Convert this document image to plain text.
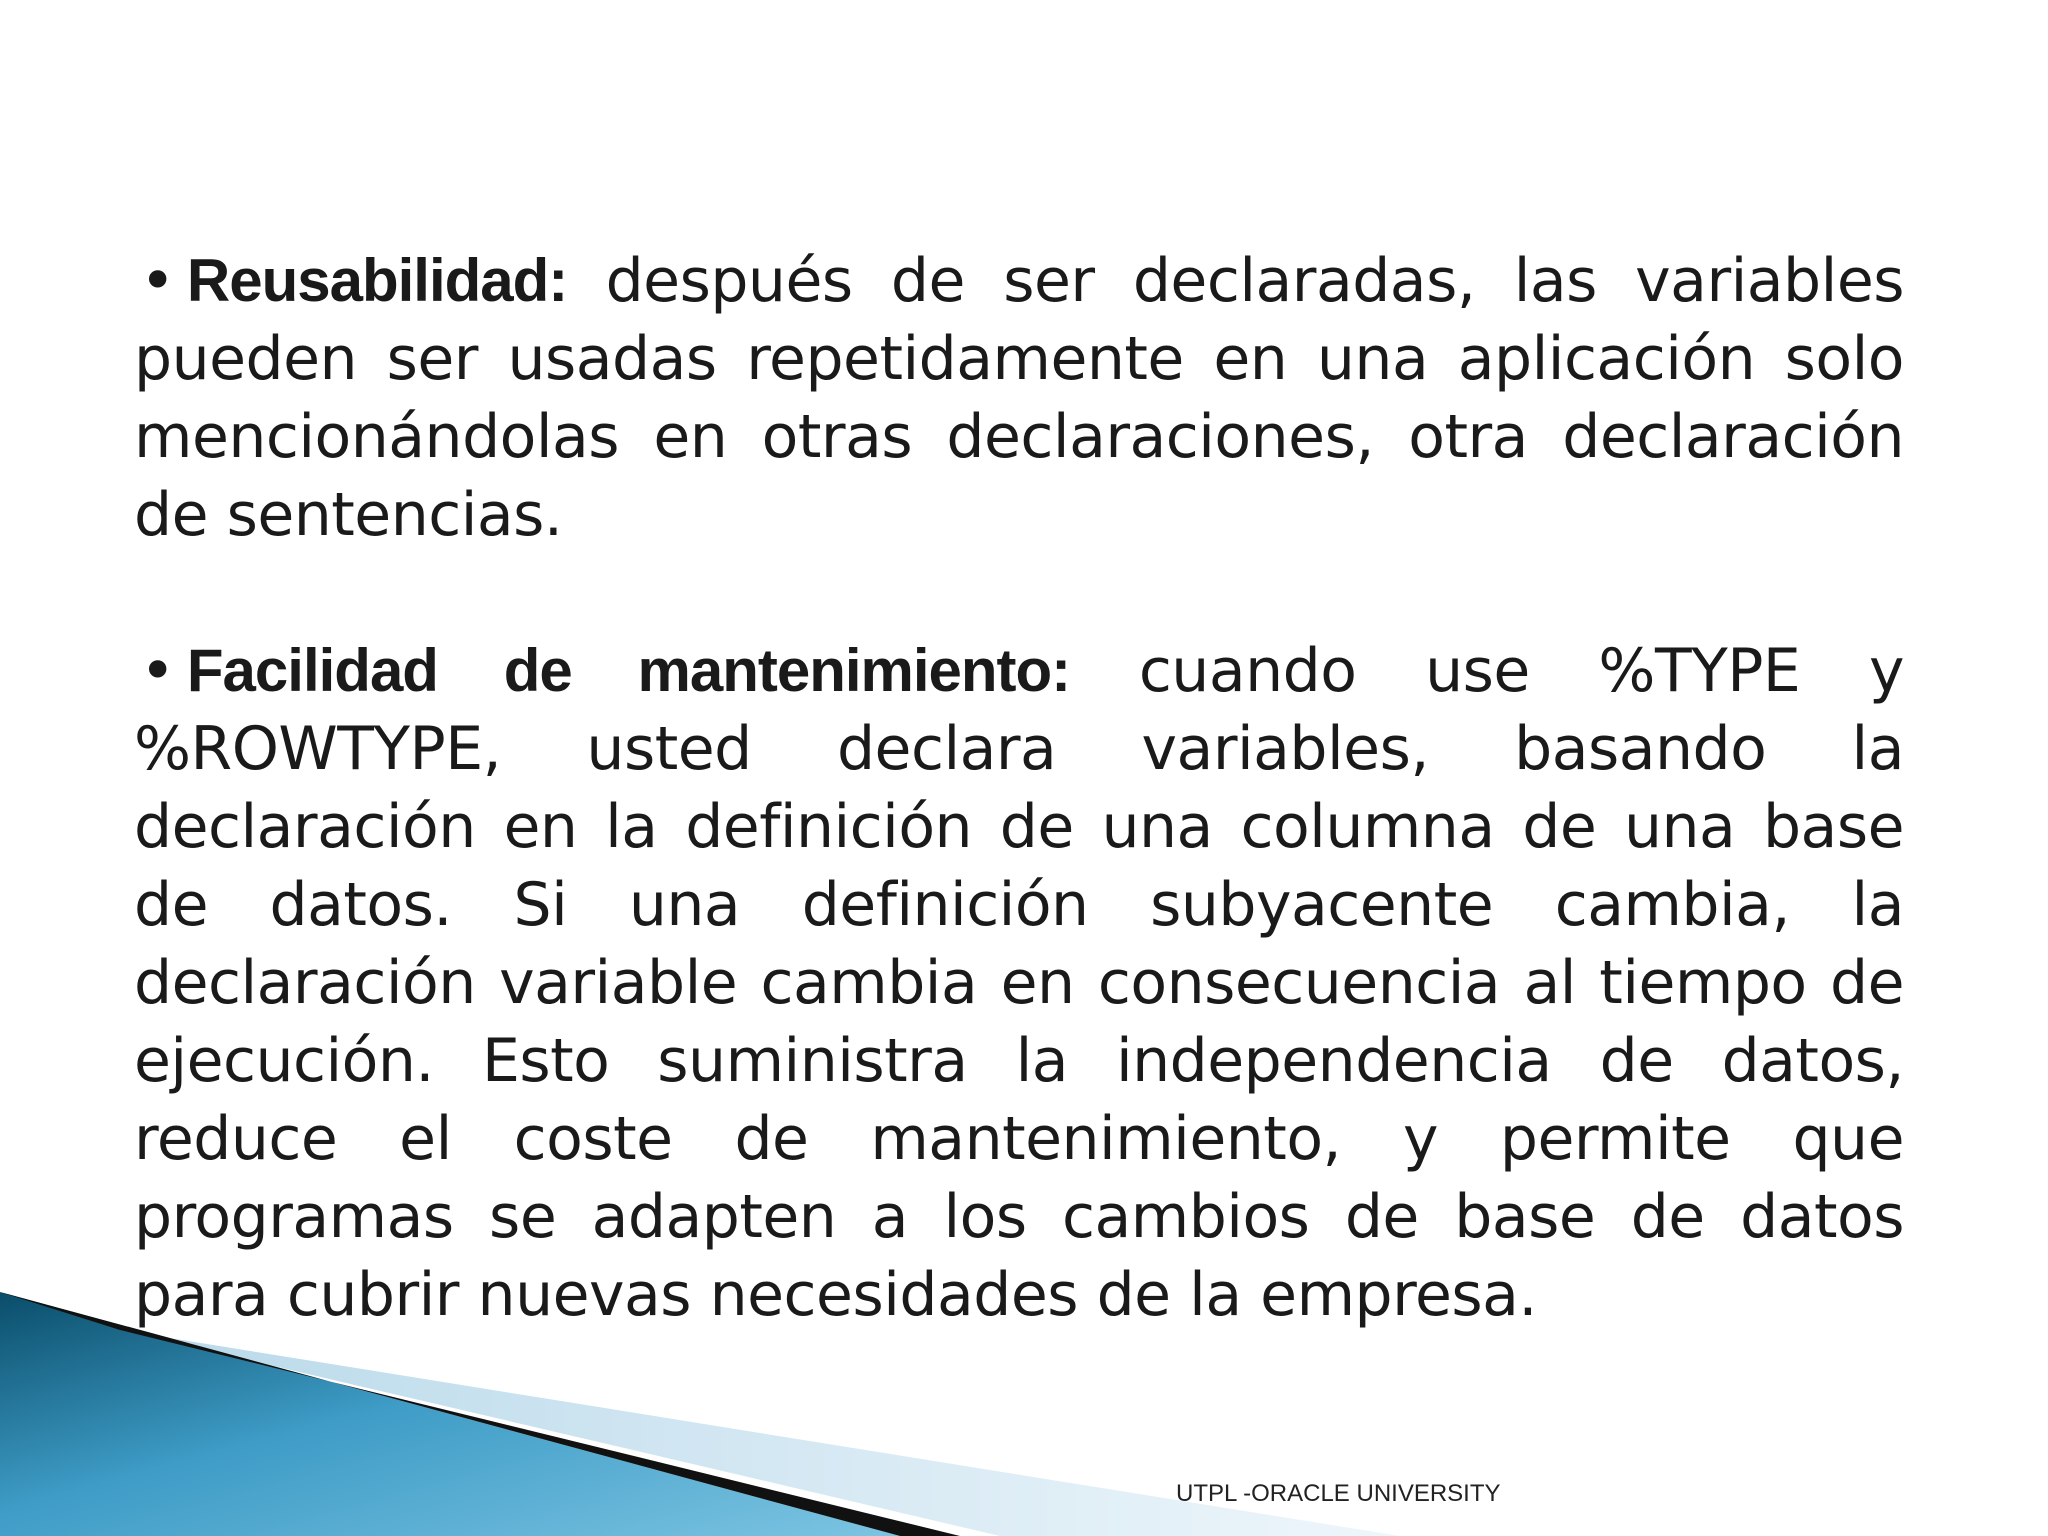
• Reusabilidad: después de ser declaradas, las variables pueden ser usadas repetidamente en una aplicación solo mencionándolas en otras declaraciones, otra declaración de sentencias.

• Facilidad de mantenimiento: cuando use %TYPE y %ROWTYPE, usted declara variables, basando la declaración en la definición de una columna de una base de datos. Si una definición subyacente cambia, la declaración variable cambia en consecuencia al tiempo de ejecución. Esto suministra la independencia de datos, reduce el coste de mantenimiento, y permite que programas se adapten a los cambios de base de datos para cubrir nuevas necesidades de la empresa.

UTPL -ORACLE UNIVERSITY
